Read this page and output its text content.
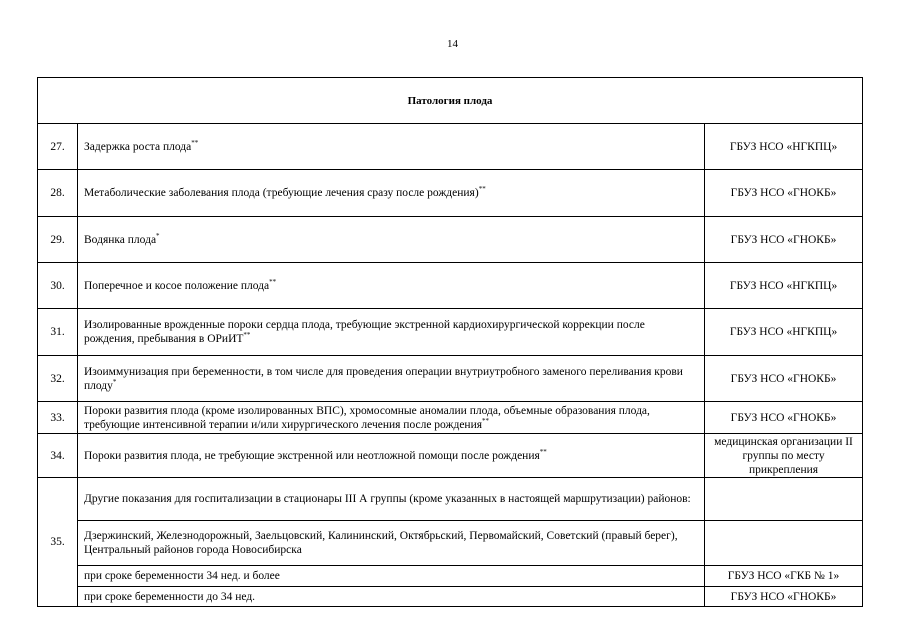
14
Патология плода		
27.	Задержка роста плода**	ГБУЗ НСО «НГКПЦ»
28.	Метаболические заболевания плода (требующие лечения сразу после рождения)**	ГБУЗ НСО «ГНОКБ»
29.	Водянка плода*	ГБУЗ НСО «ГНОКБ»
30.	Поперечное и косое положение плода**	ГБУЗ НСО «НГКПЦ»
31.	Изолированные врожденные пороки сердца плода, требующие экстренной кардиохирургической коррекции после рождения, пребывания в ОРиИТ**	ГБУЗ НСО «НГКПЦ»
32.	Изоиммунизация при беременности, в том числе для проведения операции внутриутробного заменого переливания крови плоду*	ГБУЗ НСО «ГНОКБ»
33.	Пороки развития плода (кроме изолированных ВПС), хромосомные аномалии плода, объемные образования плода, требующие интенсивной терапии и/или хирургического лечения после рождения**	ГБУЗ НСО «ГНОКБ»
34.	Пороки развития плода, не требующие экстренной или неотложной помощи после рождения**	медицинская организации II группы по месту прикрепления
35.	Другие показания для госпитализации в стационары III А группы (кроме указанных в настоящей маршрутизации) районов:	
	Дзержинский, Железнодорожный, Заельцовский, Калининский, Октябрьский, Первомайский, Советский (правый берег), Центральный районов города Новосибирска	
	при сроке беременности 34 нед. и более	ГБУЗ НСО «ГКБ № 1»
	при сроке беременности до 34 нед.	ГБУЗ НСО «ГНОКБ»
